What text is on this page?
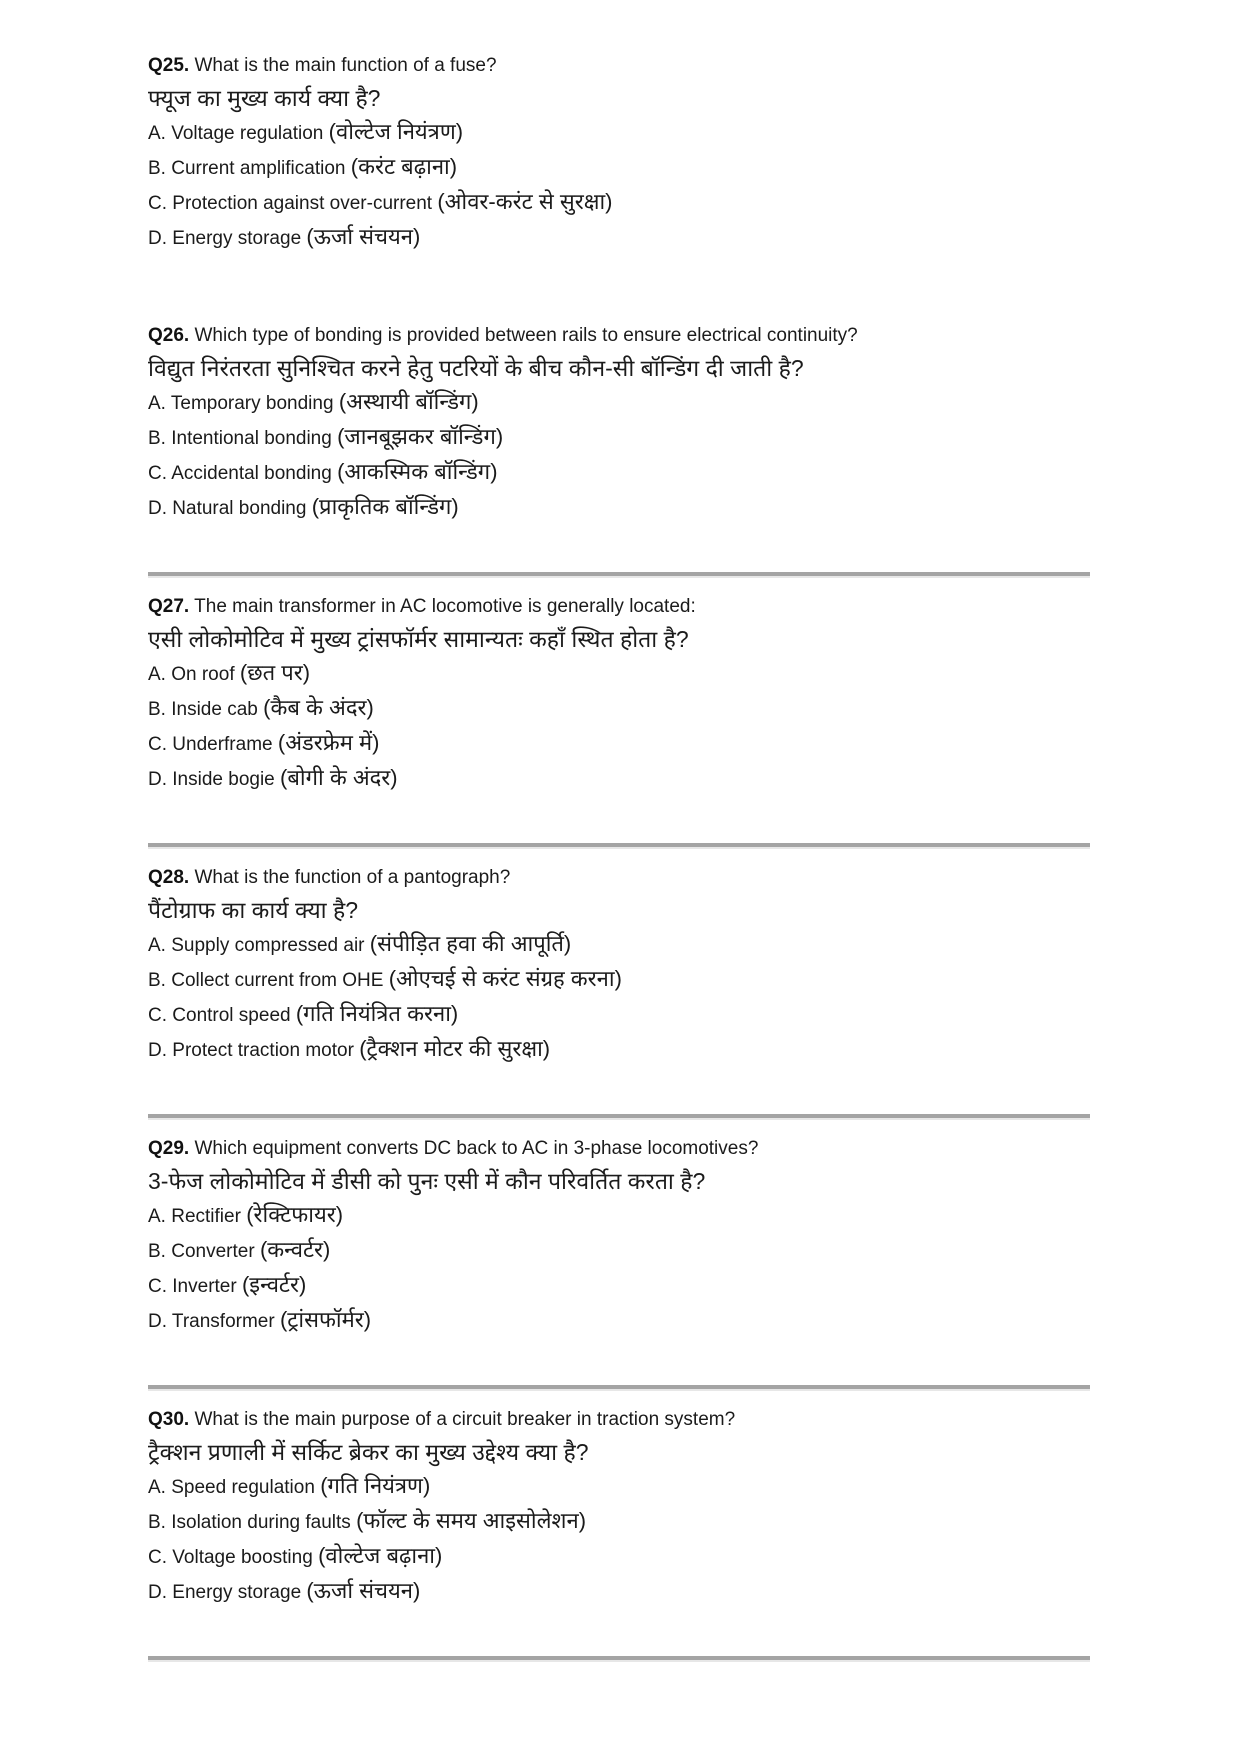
Q25. What is the main function of a fuse?

फ्यूज का मुख्य कार्य क्या है?

A. Voltage regulation (वोल्टेज नियंत्रण)

B. Current amplification (करंट बढ़ाना)

C. Protection against over-current (ओवर-करंट से सुरक्षा)

D. Energy storage (ऊर्जा संचयन)

Q26. Which type of bonding is provided between rails to ensure electrical continuity?

विद्युत निरंतरता सुनिश्चित करने हेतु पटरियों के बीच कौन-सी बॉन्डिंग दी जाती है?

A. Temporary bonding (अस्थायी बॉन्डिंग)

B. Intentional bonding (जानबूझकर बॉन्डिंग)

C. Accidental bonding (आकस्मिक बॉन्डिंग)

D. Natural bonding (प्राकृतिक बॉन्डिंग)

Q27. The main transformer in AC locomotive is generally located:

एसी लोकोमोटिव में मुख्य ट्रांसफॉर्मर सामान्यतः कहाँ स्थित होता है?

A. On roof (छत पर)

B. Inside cab (कैब के अंदर)

C. Underframe (अंडरफ्रेम में)

D. Inside bogie (बोगी के अंदर)

Q28. What is the function of a pantograph?

पैंटोग्राफ का कार्य क्या है?

A. Supply compressed air (संपीड़ित हवा की आपूर्ति)

B. Collect current from OHE (ओएचई से करंट संग्रह करना)

C. Control speed (गति नियंत्रित करना)

D. Protect traction motor (ट्रैक्शन मोटर की सुरक्षा)

Q29. Which equipment converts DC back to AC in 3-phase locomotives?

3-फेज लोकोमोटिव में डीसी को पुनः एसी में कौन परिवर्तित करता है?

A. Rectifier (रेक्टिफायर)

B. Converter (कन्वर्टर)

C. Inverter (इन्वर्टर)

D. Transformer (ट्रांसफॉर्मर)

Q30. What is the main purpose of a circuit breaker in traction system?

ट्रैक्शन प्रणाली में सर्किट ब्रेकर का मुख्य उद्देश्य क्या है?

A. Speed regulation (गति नियंत्रण)

B. Isolation during faults (फॉल्ट के समय आइसोलेशन)

C. Voltage boosting (वोल्टेज बढ़ाना)

D. Energy storage (ऊर्जा संचयन)
